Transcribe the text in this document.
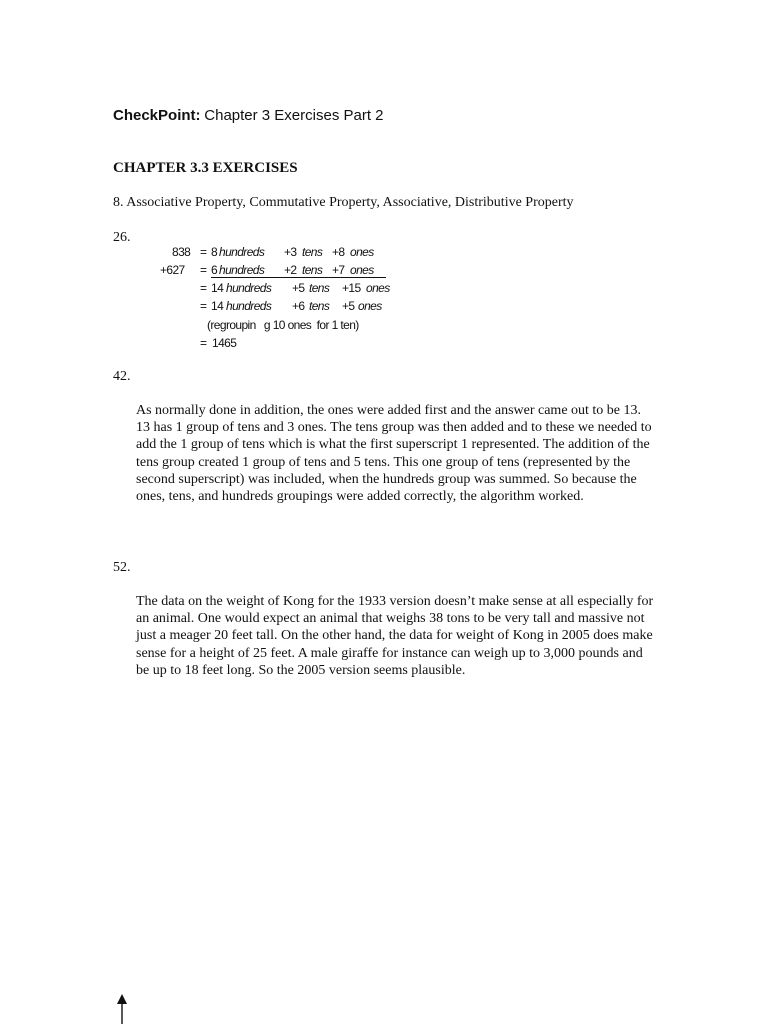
CheckPoint: Chapter 3 Exercises Part 2
CHAPTER 3.3 EXERCISES
8. Associative Property, Commutative Property, Associative, Distributive Property
26.
838 = 8 hundreds +3 tens +8 ones
+627 = 6 hundreds +2 tens +7 ones
= 14 hundreds +5 tens +15 ones
= 14 hundreds +6 tens +5 ones
(regroupin   g 10 ones  for 1 ten)
= 1465
42.
As normally done in addition, the ones were added first and the answer came out to be 13. 13 has 1 group of tens and 3 ones. The tens group was then added and to these we needed to add the 1 group of tens which is what the first superscript 1 represented. The addition of the tens group created 1 group of tens and 5 tens. This one group of tens (represented by the second superscript) was included, when the hundreds group was summed. So because the ones, tens, and hundreds groupings were added correctly, the algorithm worked.
52.
The data on the weight of Kong for the 1933 version doesn’t make sense at all especially for an animal. One would expect an animal that weighs 38 tons to be very tall and massive not just a meager 20 feet tall. On the other hand, the data for weight of Kong in 2005 does make sense for a height of 25 feet. A male giraffe for instance can weigh up to 3,000 pounds and be up to 18 feet long. So the 2005 version seems plausible.
